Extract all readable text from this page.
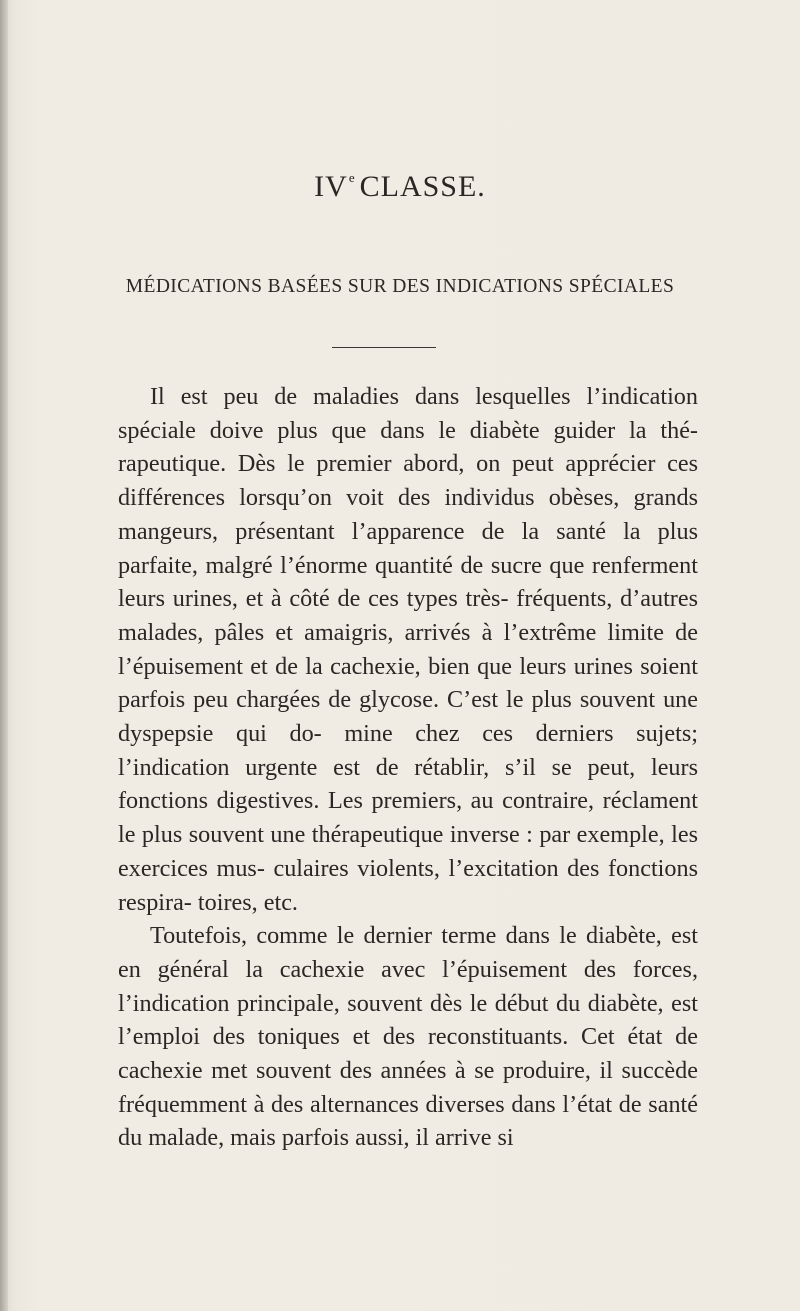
IVe CLASSE.
MÉDICATIONS BASÉES SUR DES INDICATIONS SPÉCIALES

Il est peu de maladies dans lesquelles l’indication spéciale doive plus que dans le diabète guider la thé- rapeutique. Dès le premier abord, on peut apprécier ces différences lorsqu’on voit des individus obèses, grands mangeurs, présentant l’apparence de la santé la plus parfaite, malgré l’énorme quantité de sucre que renferment leurs urines, et à côté de ces types très- fréquents, d’autres malades, pâles et amaigris, arrivés à l’extrême limite de l’épuisement et de la cachexie, bien que leurs urines soient parfois peu chargées de glycose. C’est le plus souvent une dyspepsie qui do- mine chez ces derniers sujets; l’indication urgente est de rétablir, s’il se peut, leurs fonctions digestives. Les premiers, au contraire, réclament le plus souvent une thérapeutique inverse : par exemple, les exercices mus- culaires violents, l’excitation des fonctions respira- toires, etc.

Toutefois, comme le dernier terme dans le diabète, est en général la cachexie avec l’épuisement des forces, l’indication principale, souvent dès le début du diabète, est l’emploi des toniques et des reconstituants. Cet état de cachexie met souvent des années à se produire, il succède fréquemment à des alternances diverses dans l’état de santé du malade, mais parfois aussi, il arrive si
